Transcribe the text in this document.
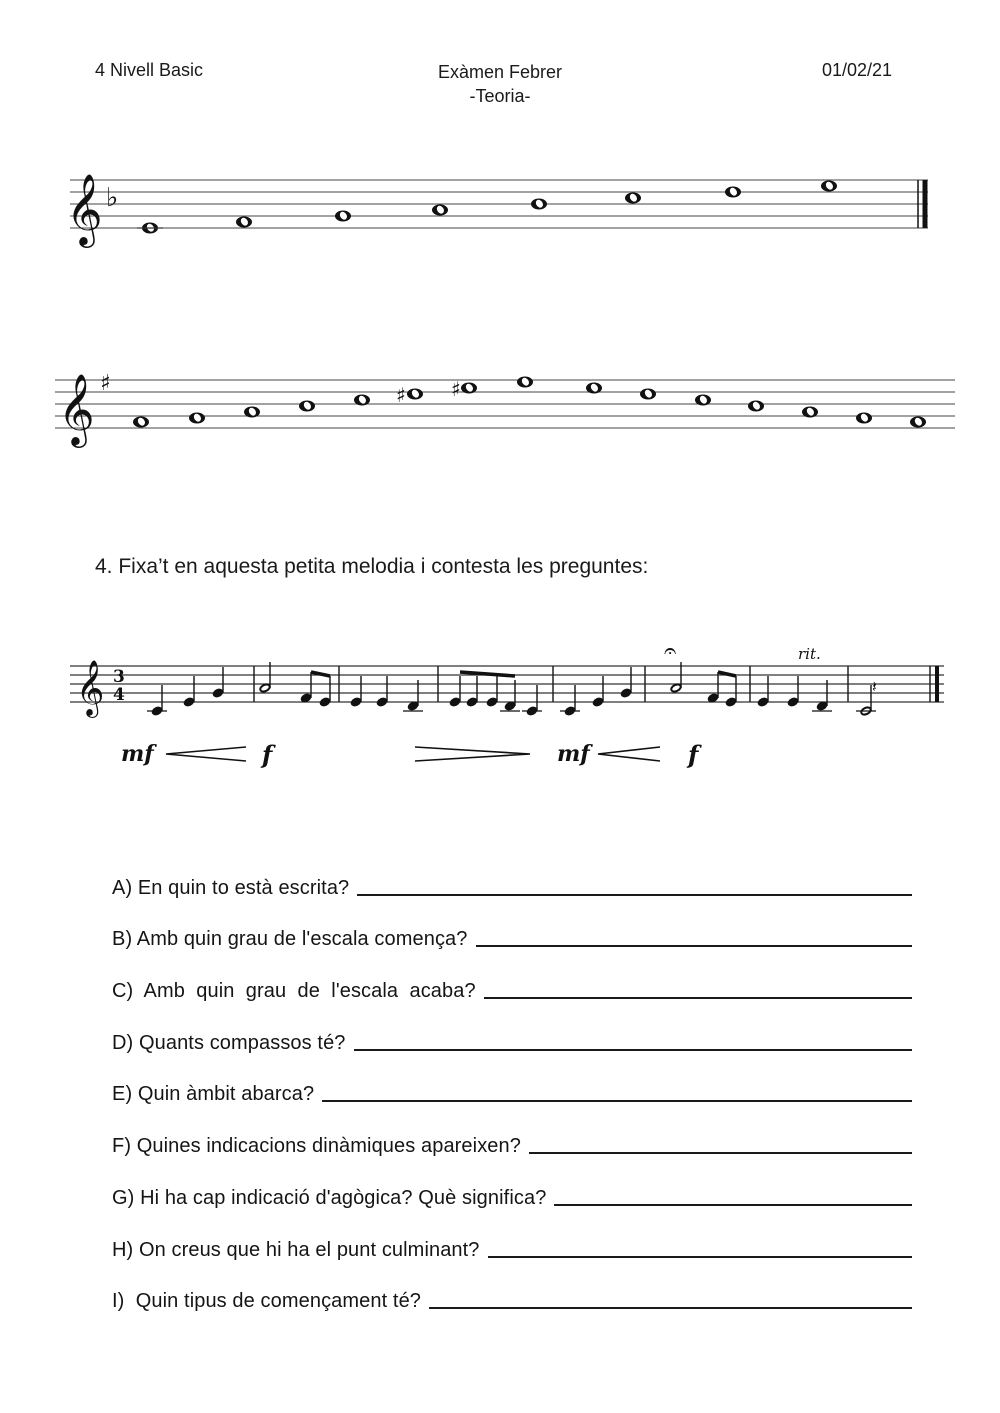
4 Nivell Basic	Exàmen Febrer
-Teoria-
01/02/21
𝄞 ♭
𝄞 ♯	♯ ♯
4. Fixa’t en aquesta petita melodia i contesta les preguntes:
𝄞 3
4
𝄐	rit.
𝄽
mf	f	mf	f
A) En quin to està escrita?
B) Amb quin grau de l'escala comença?
C)  Amb  quin  grau  de  l'escala  acaba?
D) Quants compassos té?
E) Quin àmbit abarca?
F) Quines indicacions dinàmiques apareixen?
G) Hi ha cap indicació d'agògica? Què significa?
H) On creus que hi ha el punt culminant?
I)  Quin tipus de començament té?
